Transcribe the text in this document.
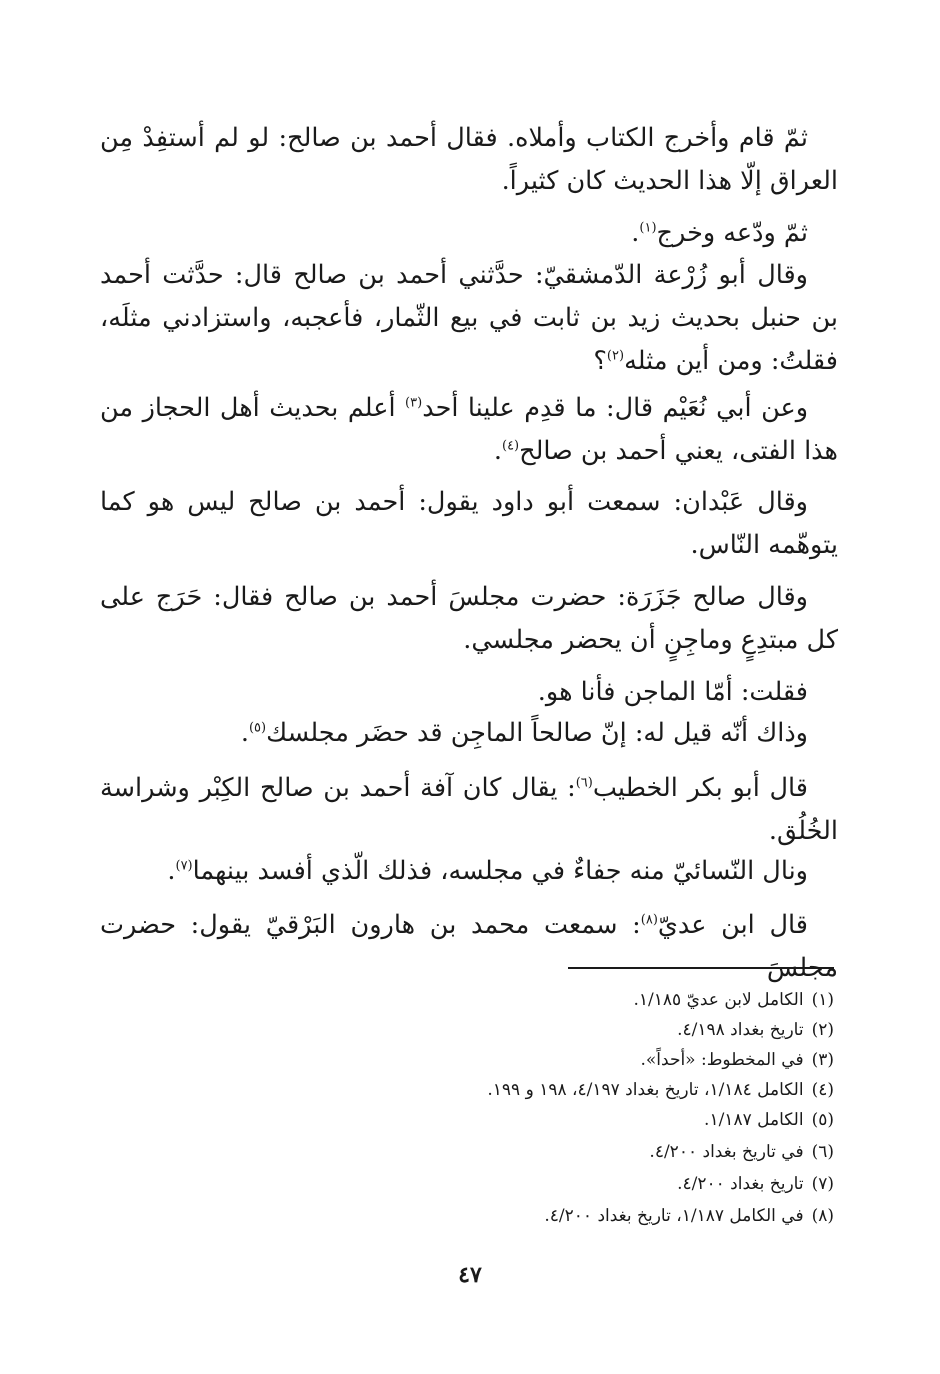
ثمّ قام وأخرج الكتاب وأملاه. فقال أحمد بن صالح: لو لم أستفِدْ مِن العراق إلّا هذا الحديث كان كثيراً.

ثمّ ودّعه وخرج$^{(١)}$.

وقال أبو زُرْعة الدّمشقيّ: حدَّثني أحمد بن صالح قال: حدَّثت أحمد بن حنبل بحديث زيد بن ثابت في بيع الثّمار، فأعجبه، واستزادني مثلَه، فقلتُ: ومن أين مثله$^{(٢)}$؟

وعن أبي نُعَيْم قال: ما قدِم علينا أحد$^{(٣)}$ أعلم بحديث أهل الحجاز من هذا الفتى، يعني أحمد بن صالح$^{(٤)}$.

وقال عَبْدان: سمعت أبو داود يقول: أحمد بن صالح ليس هو كما يتوهّمه النّاس.

وقال صالح جَزَرَة: حضرت مجلسَ أحمد بن صالح فقال: حَرَج على كل مبتدِعٍ وماجِنٍ أن يحضر مجلسي.

فقلت: أمّا الماجن فأنا هو.

وذاك أنّه قيل له: إنّ صالحاً الماجِن قد حضَر مجلسك$^{(٥)}$.

قال أبو بكر الخطيب$^{(٦)}$: يقال كان آفة أحمد بن صالح الكِبْر وشراسة الخُلُق.

ونال النّسائيّ منه جفاءٌ في مجلسه، فذلك الّذي أفسد بينهما$^{(٧)}$.

قال ابن عديّ$^{(٨)}$: سمعت محمد بن هارون البَرْقيّ يقول: حضرت مجلسَ

(١)الكامل لابن عديّ ١/١٨٥.
(٢)تاريخ بغداد ٤/١٩٨.
(٣)في المخطوط: «أحداً».
(٤)الكامل ١/١٨٤، تاريخ بغداد ٤/١٩٧، ١٩٨ و ١٩٩.
(٥)الكامل ١/١٨٧.
(٦)في تاريخ بغداد ٤/٢٠٠.
(٧)تاريخ بغداد ٤/٢٠٠.
(٨)في الكامل ١/١٨٧، تاريخ بغداد ٤/٢٠٠.
٤٧
